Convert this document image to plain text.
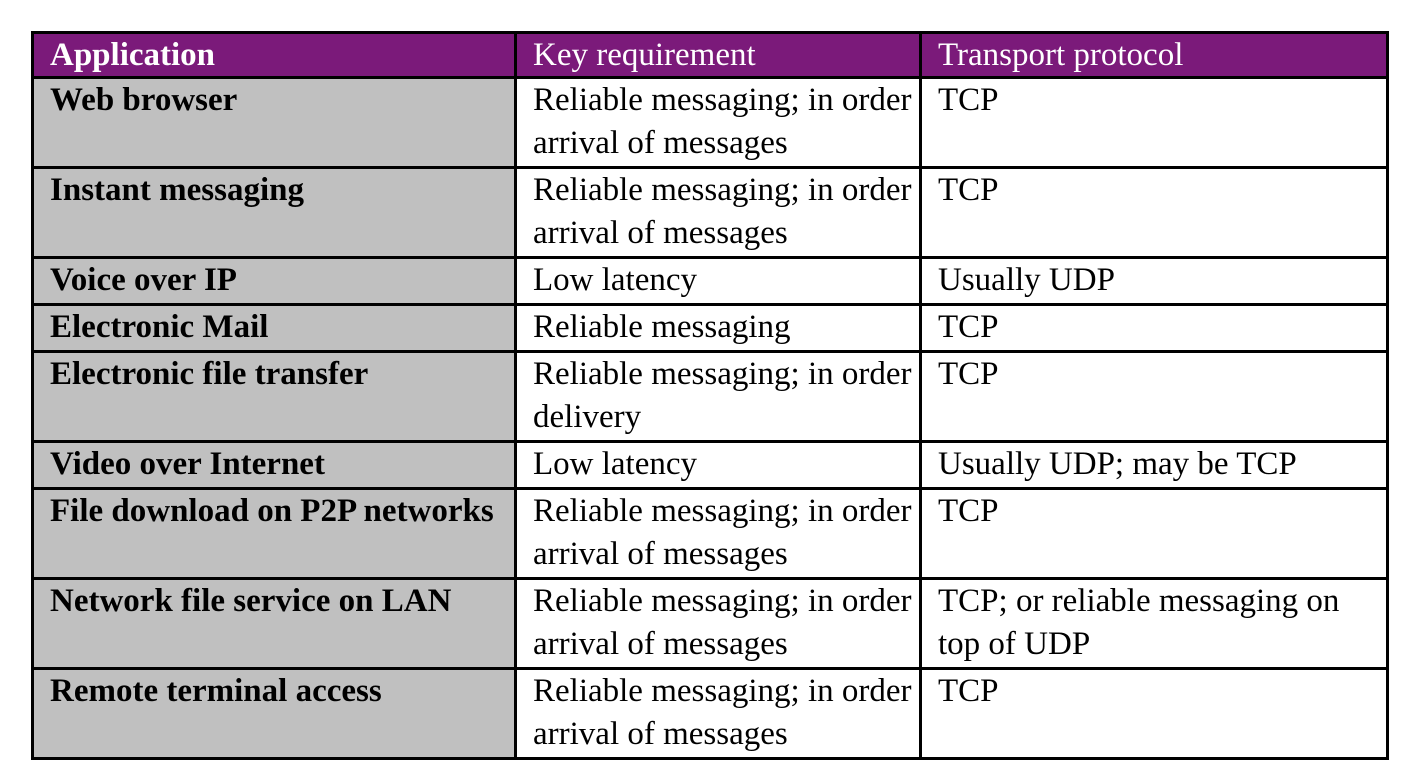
Application	Key requirement	Transport protocol
Web browser	Reliable messaging; in order arrival of messages	TCP
Instant messaging	Reliable messaging; in order arrival of messages	TCP
Voice over IP	Low latency	Usually UDP
Electronic Mail	Reliable messaging	TCP
Electronic file transfer	Reliable messaging; in order delivery	TCP
Video over Internet	Low latency	Usually UDP; may be TCP
File download on P2P networks	Reliable messaging; in order arrival of messages	TCP
Network file service on LAN	Reliable messaging; in order arrival of messages	TCP; or reliable messaging on top of UDP
Remote terminal access	Reliable messaging; in order arrival of messages	TCP
